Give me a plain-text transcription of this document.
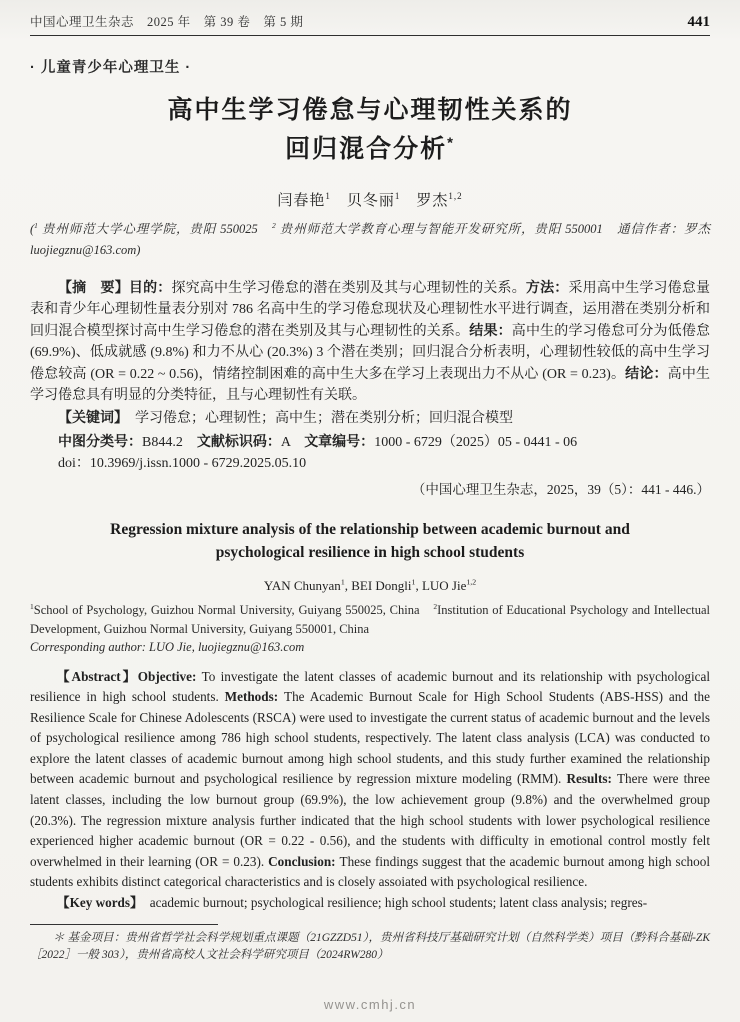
中国心理卫生杂志　2025 年　第 39 卷　第 5 期	441
· 儿童青少年心理卫生 ·
高中生学习倦怠与心理韧性关系的
回归混合分析*
闫春艳$^1$　贝冬丽$^1$　罗杰$^{1,2}$
($^1$ 贵州师范大学心理学院，贵阳 550025　$^2$ 贵州师范大学教育心理与智能开发研究所，贵阳 550001　通信作者：罗杰 luojiegznu@163.com)

【摘　要】目的：探究高中生学习倦怠的潜在类别及其与心理韧性的关系。方法：采用高中生学习倦怠量表和青少年心理韧性量表分别对 786 名高中生的学习倦怠现状及心理韧性水平进行调查，运用潜在类别分析和回归混合模型探讨高中生学习倦怠的潜在类别及其与心理韧性的关系。结果：高中生的学习倦怠可分为低倦怠 (69.9%)、低成就感 (9.8%) 和力不从心 (20.3%) 3 个潜在类别；回归混合分析表明，心理韧性较低的高中生学习倦怠较高 (OR = 0.22 ~ 0.56)，情绪控制困难的高中生大多在学习上表现出力不从心 (OR = 0.23)。结论：高中生学习倦怠具有明显的分类特征，且与心理韧性有关联。

【关键词】　学习倦怠；心理韧性；高中生；潜在类别分析；回归混合模型

中图分类号：B844.2　文献标识码：A　文章编号：1000 - 6729（2025）05 - 0441 - 06

doi：10.3969/j.issn.1000 - 6729.2025.05.10

（中国心理卫生杂志，2025，39（5）：441 - 446.）

Regression mixture analysis of the relationship between academic burnout and
psychological resilience in high school students
YAN Chunyan$^1$, BEI Dongli$^1$, LUO Jie$^{1,2}$
$^1$School of Psychology, Guizhou Normal University, Guiyang 550025, China　$^2$Institution of Educational Psychology and Intellectual Development, Guizhou Normal University, Guiyang 550001, China
Corresponding author: LUO Jie, luojiegznu@163.com

【Abstract】Objective: To investigate the latent classes of academic burnout and its relationship with psychological resilience in high school students. Methods: The Academic Burnout Scale for High School Students (ABS-HSS) and the Resilience Scale for Chinese Adolescents (RSCA) were used to investigate the current status of academic burnout and the levels of psychological resilience among 786 high school students, respectively. The latent class analysis (LCA) was conducted to explore the latent classes of academic burnout among high school students, and this study further examined the relationship between academic burnout and psychological resilience by regression mixture modeling (RMM). Results: There were three latent classes, including the low burnout group (69.9%), the low achievement group (9.8%) and the overwhelmed group (20.3%). The regression mixture analysis further indicated that the high school students with lower psychological resilience experienced higher academic burnout (OR = 0.22 - 0.56), and the students with difficulty in emotional control mostly felt overwhelmed in their learning (OR = 0.23). Conclusion: These findings suggest that the academic burnout among high school students exhibits distinct categorical characteristics and is closely assoiated with psychological resilience.

【Key words】　academic burnout; psychological resilience; high school students; latent class analysis; regres-

＊ 基金项目：贵州省哲学社会科学规划重点课题（21GZZD51），贵州省科技厅基础研究计划（自然科学类）项目（黔科合基础-ZK［2022］一般 303），贵州省高校人文社会科学研究项目（2024RW280）

www.cmhj.cn
